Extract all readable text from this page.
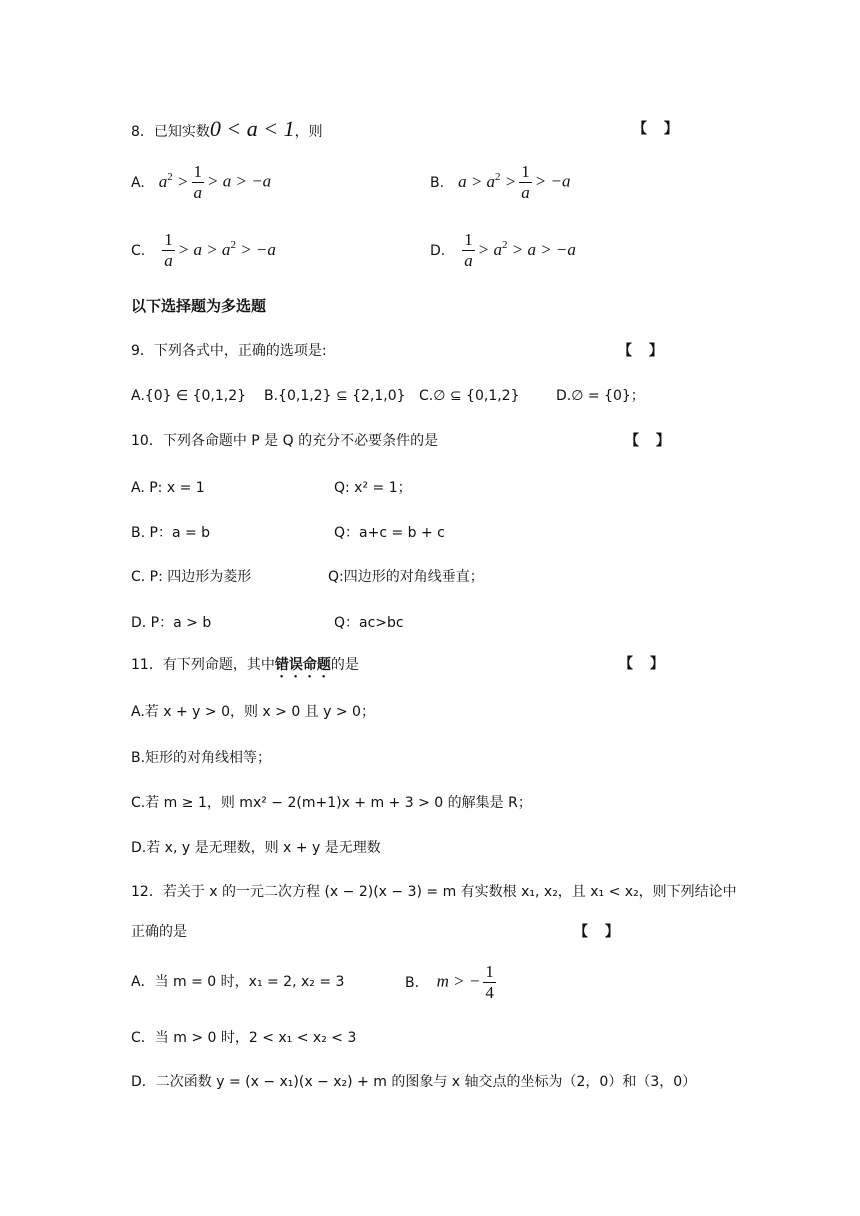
8．已知实数0 < a < 1，则	【 】
A. $a^2 > \frac{1}{a} > a > -a$	B. $a > a^2 > \frac{1}{a} > -a$
C. $\frac{1}{a} > a > a^2 > -a$	D. $\frac{1}{a} > a^2 > a > -a$
以下选择题为多选题
9．下列各式中，正确的选项是:	【 】
A.{0} ∈ {0,1,2} B.{0,1,2} ⊆ {2,1,0} C.∅ ⊆ {0,1,2}	D.∅ = {0}；
10．下列各命题中 P 是 Q 的充分不必要条件的是	【 】
A. P: x = 1	Q: x² = 1；
B. P：a = b	Q：a+c = b + c
C. P: 四边形为菱形	Q:四边形的对角线垂直；
D. P：a > b	Q：ac>bc
11．有下列命题，其中错误命题的是	【 】
A.若 x + y > 0，则 x > 0 且 y > 0；
B.矩形的对角线相等；
C.若 m ≥ 1，则 mx² − 2(m+1)x + m + 3 > 0 的解集是 R；
D.若 x, y 是无理数，则 x + y 是无理数
12．若关于 x 的一元二次方程 (x − 2)(x − 3) = m 有实数根 x₁, x₂，且 x₁ < x₂，则下列结论中
正确的是	【 】
A．当 m = 0 时，x₁ = 2, x₂ = 3	B． m > − $\frac{1}{4}$
C．当 m > 0 时，2 < x₁ < x₂ < 3
D．二次函数 y = (x − x₁)(x − x₂) + m 的图象与 x 轴交点的坐标为（2，0）和（3，0）
